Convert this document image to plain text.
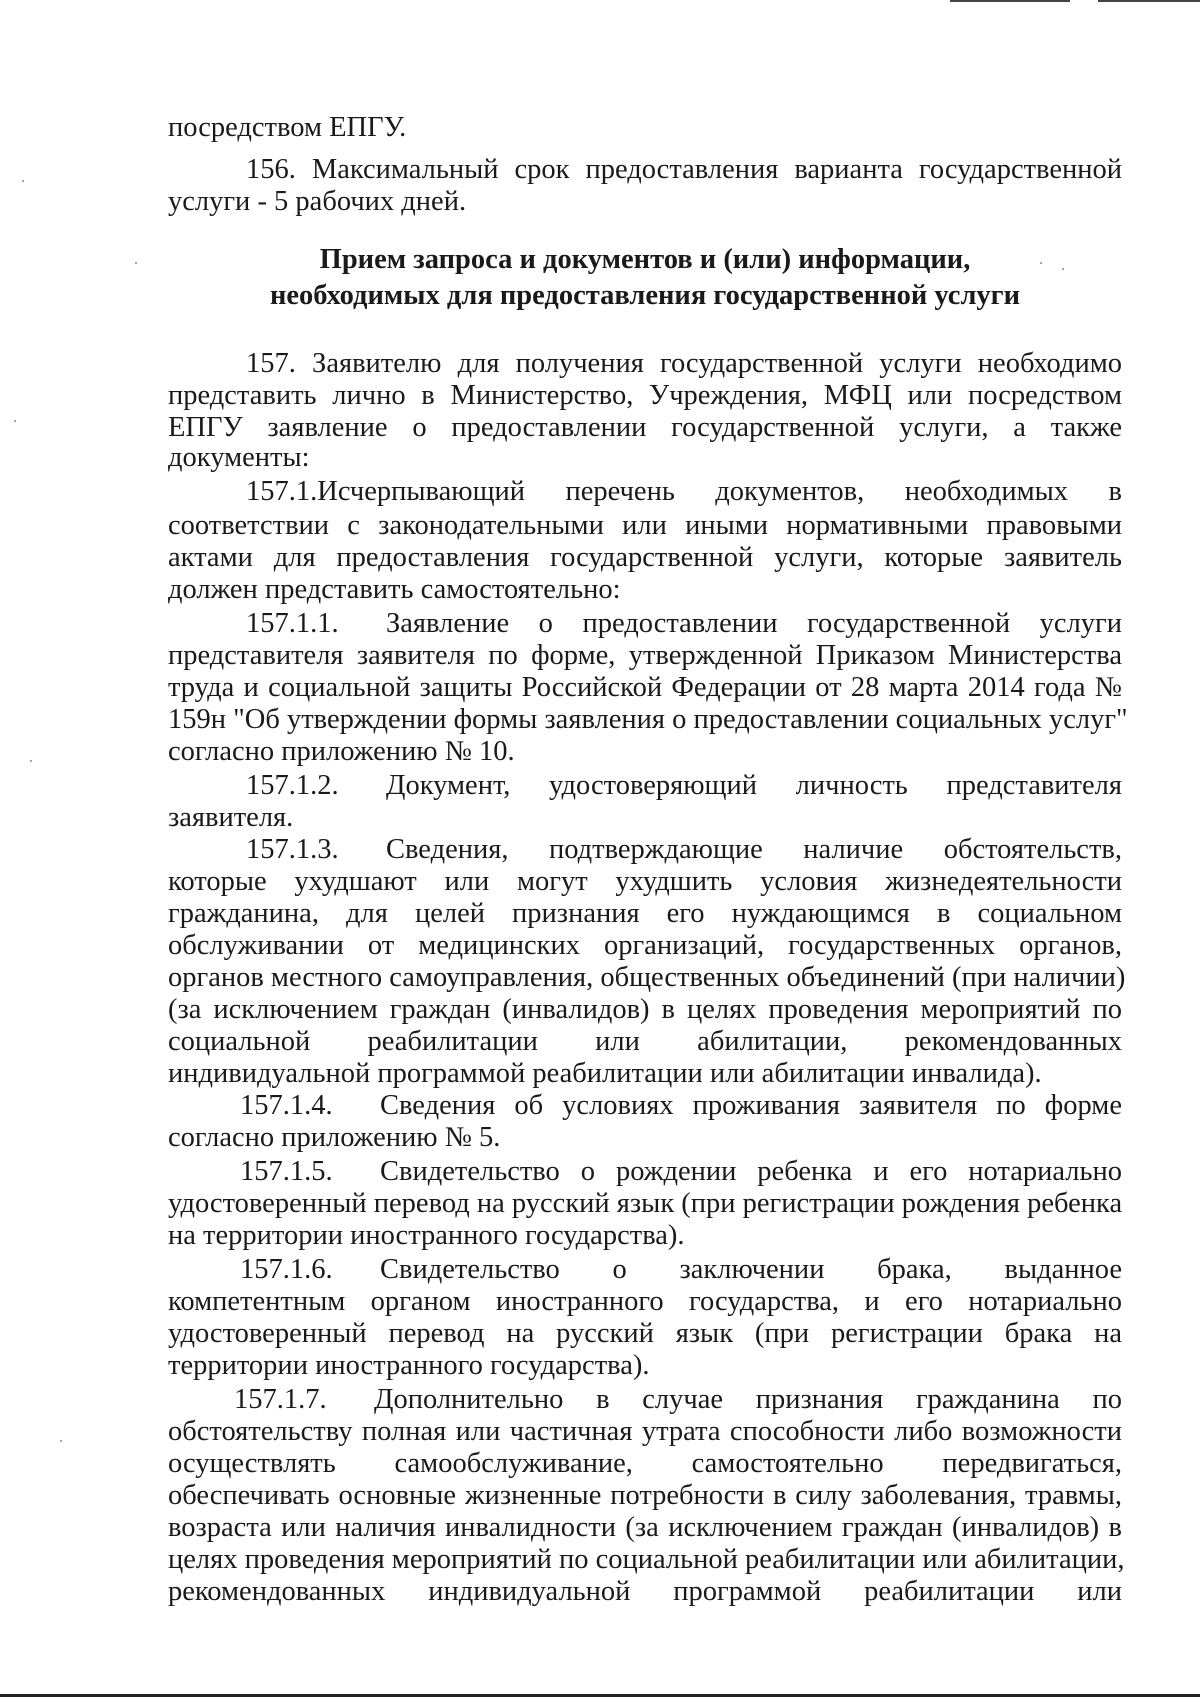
посредством ЕПГУ.
156. Максимальный срок предоставления варианта государственной
услуги - 5 рабочих дней.
Прием запроса и документов и (или) информации,
необходимых для предоставления государственной услуги
157. Заявителю для получения государственной услуги необходимо
представить лично в Министерство, Учреждения, МФЦ или посредством
ЕПГУ заявление о предоставлении государственной услуги, а также
документы:
157.1.Исчерпывающий перечень документов, необходимых в
соответствии с законодательными или иными нормативными правовыми
актами для предоставления государственной услуги, которые заявитель
должен представить самостоятельно:
157.1.1. Заявление о предоставлении государственной услуги
представителя заявителя по форме, утвержденной Приказом Министерства
труда и социальной защиты Российской Федерации от 28 марта 2014 года №
159н "Об утверждении формы заявления о предоставлении социальных услуг"
согласно приложению № 10.
157.1.2. Документ, удостоверяющий личность представителя
заявителя.
157.1.3. Сведения, подтверждающие наличие обстоятельств,
которые ухудшают или могут ухудшить условия жизнедеятельности
гражданина, для целей признания его нуждающимся в социальном
обслуживании от медицинских организаций, государственных органов,
органов местного самоуправления, общественных объединений (при наличии)
(за исключением граждан (инвалидов) в целях проведения мероприятий по
социальной реабилитации или абилитации, рекомендованных
индивидуальной программой реабилитации или абилитации инвалида).
157.1.4. Сведения об условиях проживания заявителя по форме
согласно приложению № 5.
157.1.5. Свидетельство о рождении ребенка и его нотариально
удостоверенный перевод на русский язык (при регистрации рождения ребенка
на территории иностранного государства).
157.1.6. Свидетельство о заключении брака, выданное
компетентным органом иностранного государства, и его нотариально
удостоверенный перевод на русский язык (при регистрации брака на
территории иностранного государства).
157.1.7. Дополнительно в случае признания гражданина по
обстоятельству полная или частичная утрата способности либо возможности
осуществлять самообслуживание, самостоятельно передвигаться,
обеспечивать основные жизненные потребности в силу заболевания, травмы,
возраста или наличия инвалидности (за исключением граждан (инвалидов) в
целях проведения мероприятий по социальной реабилитации или абилитации,
рекомендованных индивидуальной программой реабилитации или
